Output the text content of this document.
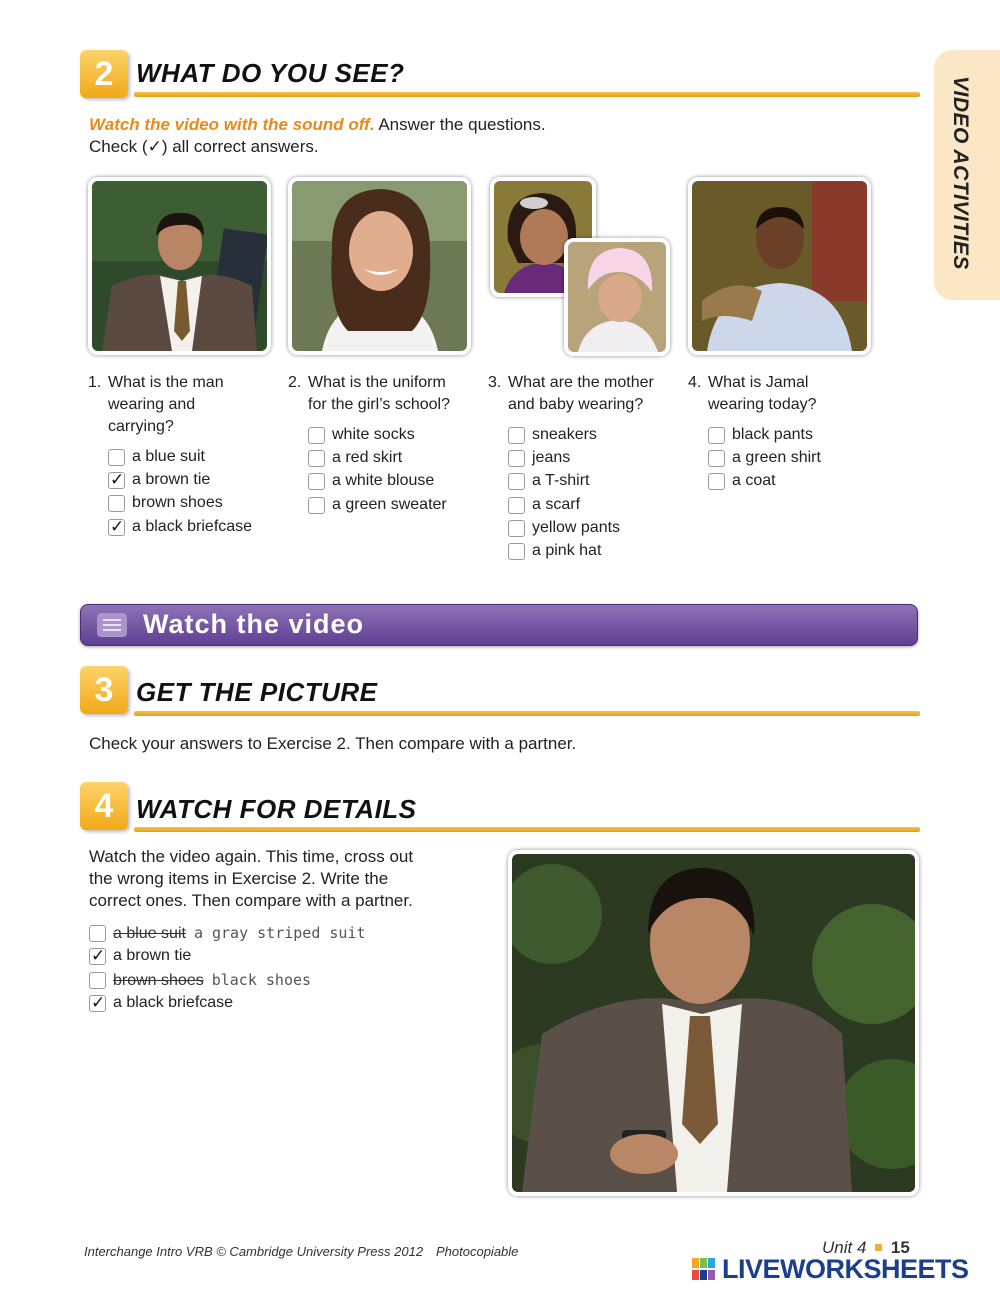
VIDEO ACTIVITIES
2 WHAT DO YOU SEE?
Watch the video with the sound off. Answer the questions.
Check (✓) all correct answers.
1. What is the man
wearing and
carrying?
a blue suit
✓ a brown tie
brown shoes
✓ a black briefcase
2. What is the uniform
for the girl’s school?
white socks
a red skirt
a white blouse
a green sweater
3. What are the mother
and baby wearing?
sneakers
jeans
a T-shirt
a scarf
yellow pants
a pink hat
4. What is Jamal
wearing today?
black pants
a green shirt
a coat
Watch the video
3 GET THE PICTURE
Check your answers to Exercise 2. Then compare with a partner.
4 WATCH FOR DETAILS
Watch the video again. This time, cross out
the wrong items in Exercise 2. Write the
correct ones. Then compare with a partner.
a blue suit a gray striped suit
✓ a brown tie
brown shoes black shoes
✓ a black briefcase
Interchange Intro VRB © Cambridge University Press 2012 Photocopiable	Unit 4 15
LIVEWORKSHEETS
